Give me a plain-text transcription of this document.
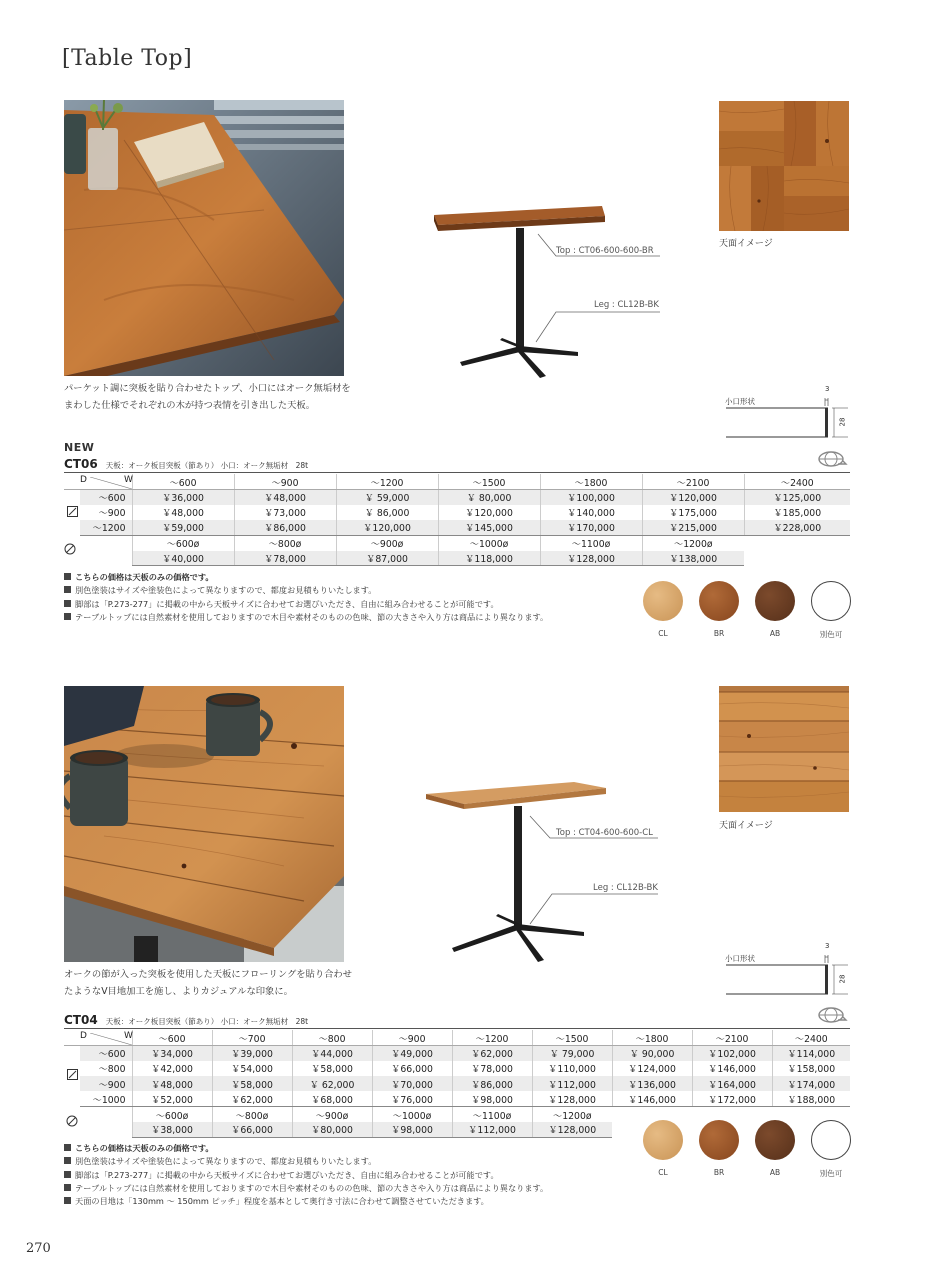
[Table Top]
パーケット調に突板を貼り合わせたトップ、小口にはオーク無垢材をまわした仕様でそれぞれの木が持つ表情を引き出した天板。
Top : CT06-600-600-BR
Leg : CL12B-BK
天面イメージ
小口形状
3
28
NEW
CT06 天板：オーク板目突板（節あり） 小口：オーク無垢材　28t
D W		～600	～900	～1200	～1500	～1800	～2100	～2400
	～600	￥36,000	￥48,000	￥ 59,000	￥ 80,000	￥100,000	￥120,000	￥125,000
	～900	￥48,000	￥73,000	￥ 86,000	￥120,000	￥140,000	￥175,000	￥185,000
	～1200	￥59,000	￥86,000	￥120,000	￥145,000	￥170,000	￥215,000	￥228,000
	～600ø	～800ø	～900ø	～1000ø	～1100ø	～1200ø	
		￥40,000	￥78,000	￥87,000	￥118,000	￥128,000	￥138,000	
こちらの価格は天板のみの価格です。
別色塗装はサイズや塗装色によって異なりますので、都度お見積もりいたします。
脚部は「P.273-277」に掲載の中から天板サイズに合わせてお選びいただき、自由に組み合わせることが可能です。
テーブルトップには自然素材を使用しておりますので木目や素材そのものの色味、節の大きさや入り方は商品により異なります。
CL	BR	AB	別色可
オークの節が入った突板を使用した天板にフローリングを貼り合わせたようなV目地加工を施し、よりカジュアルな印象に。
Top : CT04-600-600-CL
Leg : CL12B-BK
天面イメージ
小口形状
3
28
CT04 天板：オーク板目突板（節あり） 小口：オーク無垢材　28t
D W		～600	～700	～800	～900	～1200	～1500	～1800	～2100	～2400
	～600	￥34,000	￥39,000	￥44,000	￥49,000	￥62,000	￥ 79,000	￥ 90,000	￥102,000	￥114,000
	～800	￥42,000	￥54,000	￥58,000	￥66,000	￥78,000	￥110,000	￥124,000	￥146,000	￥158,000
	～900	￥48,000	￥58,000	￥ 62,000	￥70,000	￥86,000	￥112,000	￥136,000	￥164,000	￥174,000
	～1000	￥52,000	￥62,000	￥68,000	￥76,000	￥98,000	￥128,000	￥146,000	￥172,000	￥188,000
	～600ø	～800ø	～900ø	～1000ø	～1100ø	～1200ø			
		￥38,000	￥66,000	￥80,000	￥98,000	￥112,000	￥128,000			
こちらの価格は天板のみの価格です。
別色塗装はサイズや塗装色によって異なりますので、都度お見積もりいたします。
脚部は「P.273-277」に掲載の中から天板サイズに合わせてお選びいただき、自由に組み合わせることが可能です。
テーブルトップには自然素材を使用しておりますので木目や素材そのものの色味、節の大きさや入り方は商品により異なります。
天面の目地は「130mm ～ 150mm ピッチ」程度を基本として奥行き寸法に合わせて調整させていただきます。
CL	BR	AB	別色可
270
